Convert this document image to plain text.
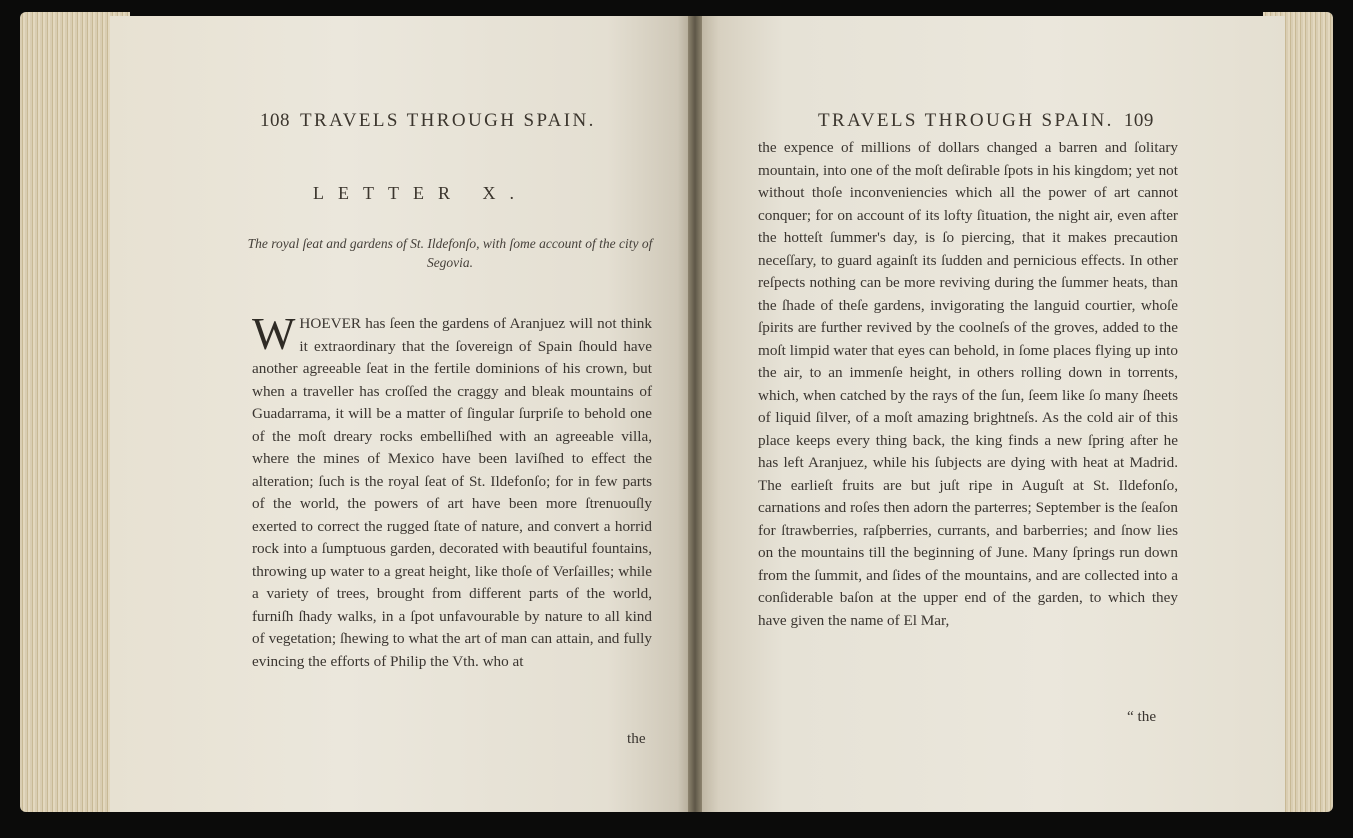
108 TRAVELS THROUGH SPAIN.
LETTER X.
The royal ſeat and gardens of St. Ildefonſo, with ſome account of the city of Segovia.

WHOEVER has ſeen the gardens of Aranjuez will not think it extraordinary that the ſovereign of Spain ſhould have another agreeable ſeat in the fertile dominions of his crown, but when a traveller has croſſed the craggy and bleak mountains of Guadarrama, it will be a matter of ſingular ſurpriſe to behold one of the moſt dreary rocks embelliſhed with an agreeable villa, where the mines of Mexico have been laviſhed to effect the alteration; ſuch is the royal ſeat of St. Ildefonſo; for in few parts of the world, the powers of art have been more ſtrenuouſly exerted to correct the rugged ſtate of nature, and convert a horrid rock into a ſumptuous garden, decorated with beautiful fountains, throwing up water to a great height, like thoſe of Verſailles; while a variety of trees, brought from different parts of the world, furniſh ſhady walks, in a ſpot unfavourable by nature to all kind of vegetation; ſhewing to what the art of man can attain, and fully evincing the efforts of Philip the Vth. who at

the
TRAVELS THROUGH SPAIN. 109

the expence of millions of dollars changed a barren and ſolitary mountain, into one of the moſt deſirable ſpots in his kingdom; yet not without thoſe inconveniencies which all the power of art cannot conquer; for on account of its lofty ſituation, the night air, even after the hotteſt ſummer's day, is ſo piercing, that it makes precaution neceſſary, to guard againſt its ſudden and pernicious effects. In other reſpects nothing can be more reviving during the ſummer heats, than the ſhade of theſe gardens, invigorating the languid courtier, whoſe ſpirits are further revived by the coolneſs of the groves, added to the moſt limpid water that eyes can behold, in ſome places flying up into the air, to an immenſe height, in others rolling down in torrents, which, when catched by the rays of the ſun, ſeem like ſo many ſheets of liquid ſilver, of a moſt amazing brightneſs. As the cold air of this place keeps every thing back, the king finds a new ſpring after he has left Aranjuez, while his ſubjects are dying with heat at Madrid. The earlieſt fruits are but juſt ripe in Auguſt at St. Ildefonſo, carnations and roſes then adorn the parterres; September is the ſeaſon for ſtrawberries, raſpberries, currants, and barberries; and ſnow lies on the mountains till the beginning of June. Many ſprings run down from the ſummit, and ſides of the mountains, and are collected into a conſiderable baſon at the upper end of the garden, to which they have given the name of El Mar,

“ the
